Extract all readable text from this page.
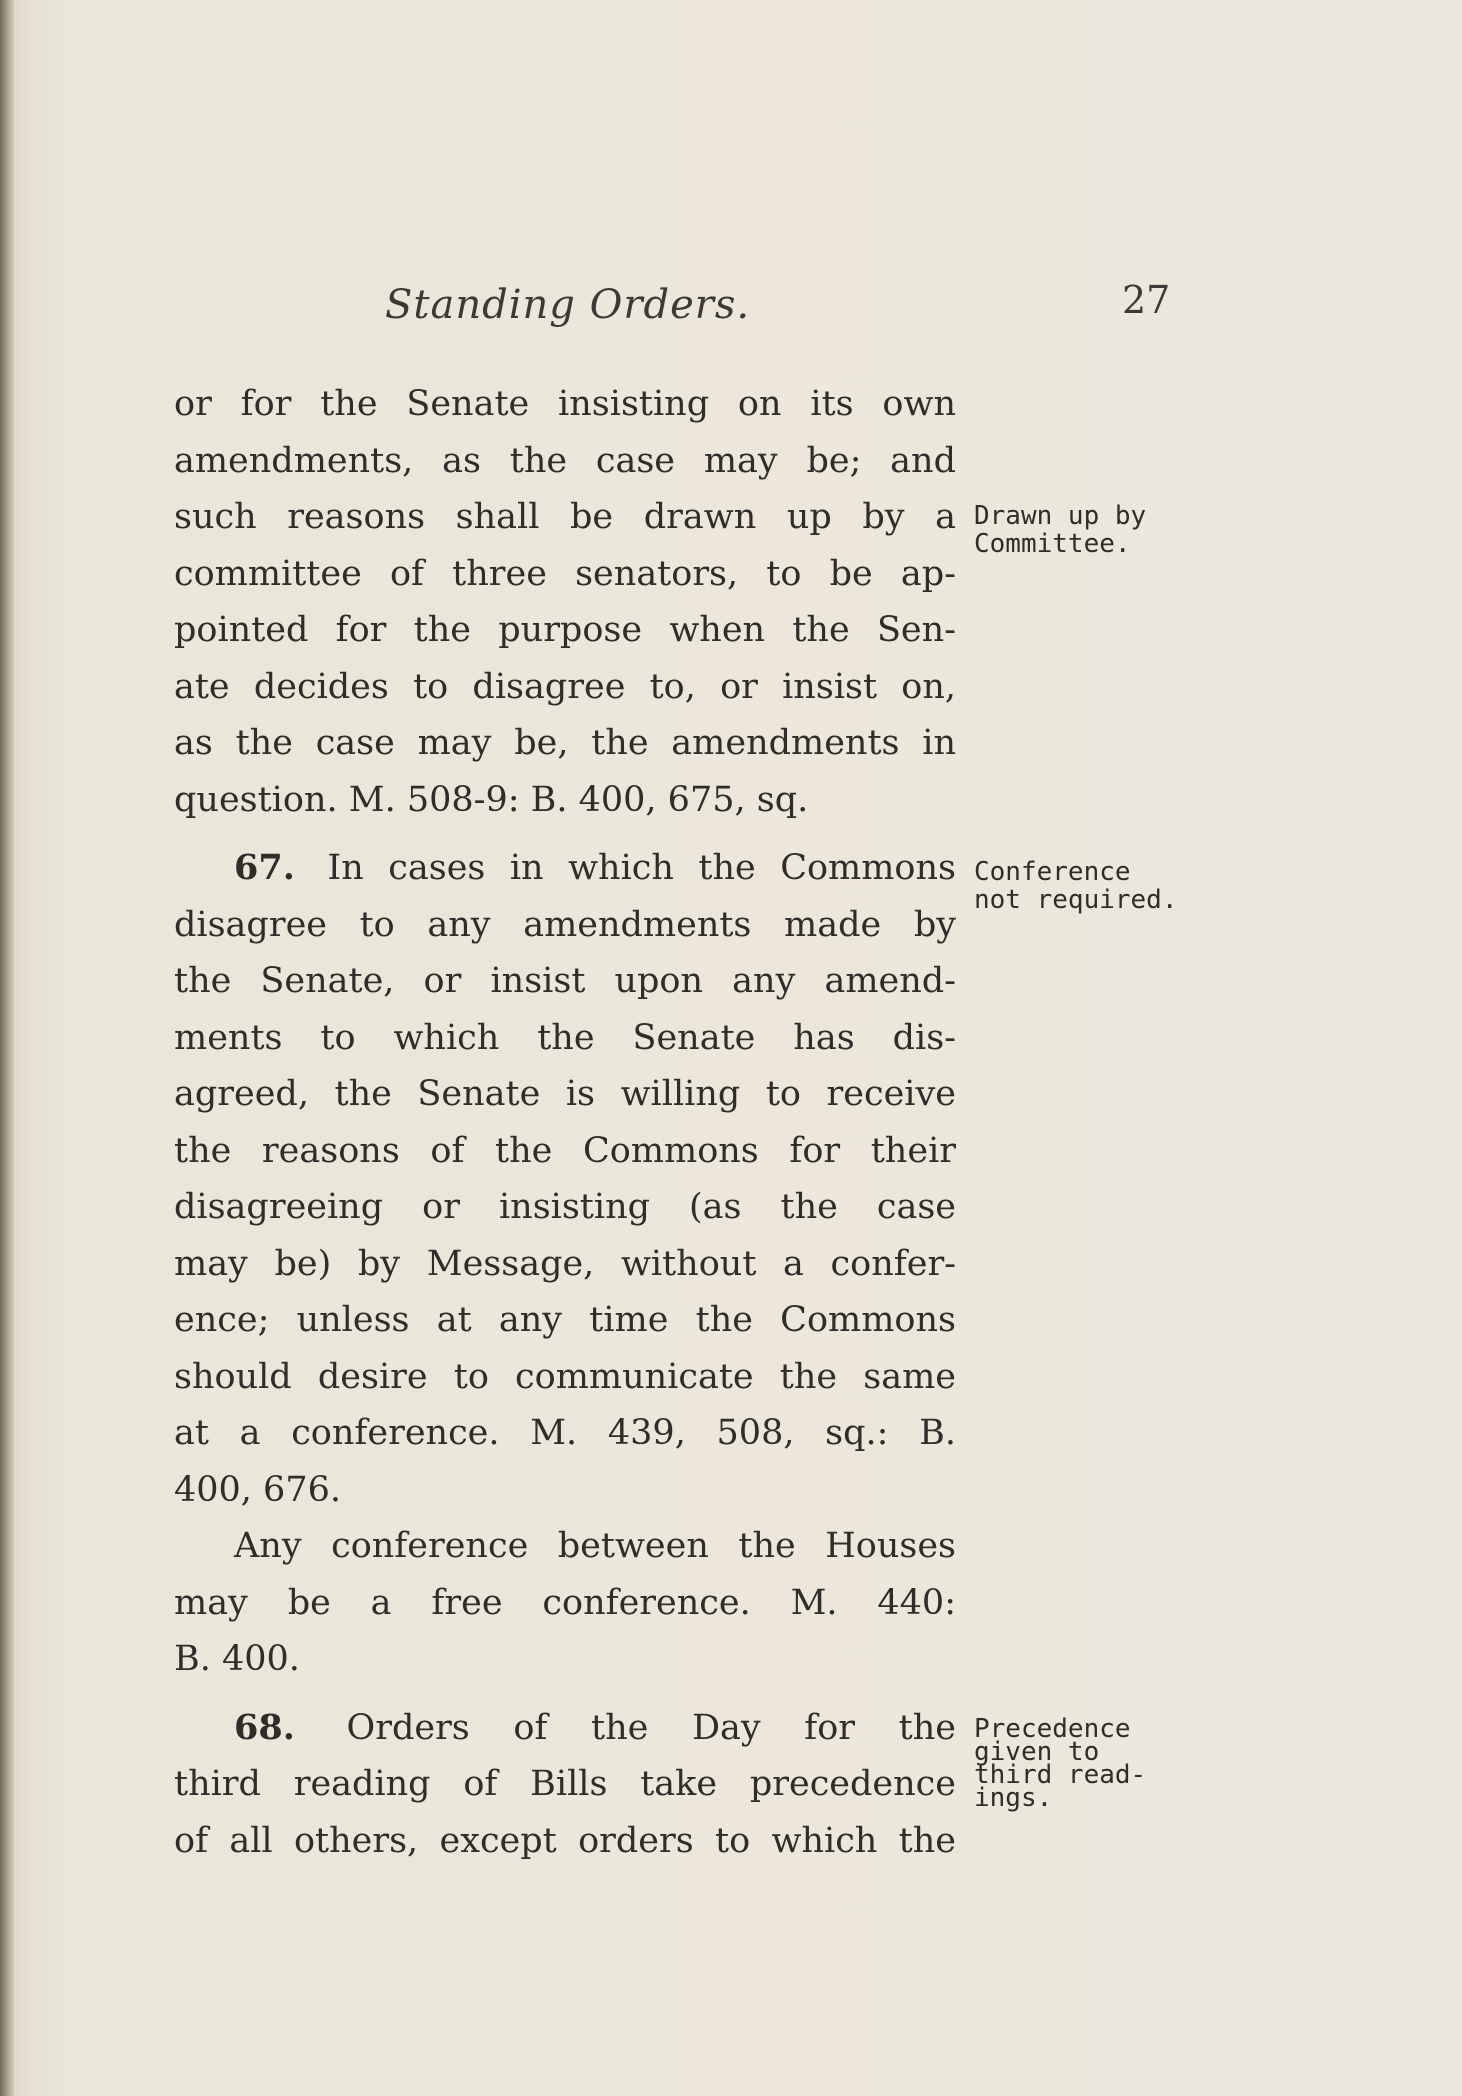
Standing Orders.	27
or for the Senate insisting on its own
amendments, as the case may be; and
such reasons shall be drawn up by a
committee of three senators, to be ap-
pointed for the purpose when the Sen-
ate decides to disagree to, or insist on,
as the case may be, the amendments in
question. M. 508-9: B. 400, 675, sq.
67. In cases in which the Commons
disagree to any amendments made by
the Senate, or insist upon any amend-
ments to which the Senate has dis-
agreed, the Senate is willing to receive
the reasons of the Commons for their
disagreeing or insisting (as the case
may be) by Message, without a confer-
ence; unless at any time the Commons
should desire to communicate the same
at a conference. M. 439, 508, sq.: B.
400, 676.
Any conference between the Houses
may be a free conference. M. 440:
B. 400.
68. Orders of the Day for the
third reading of Bills take precedence
of all others, except orders to which the
Drawn up by
Committee.
Conference
not required.
Precedence
given to
third read-
ings.
